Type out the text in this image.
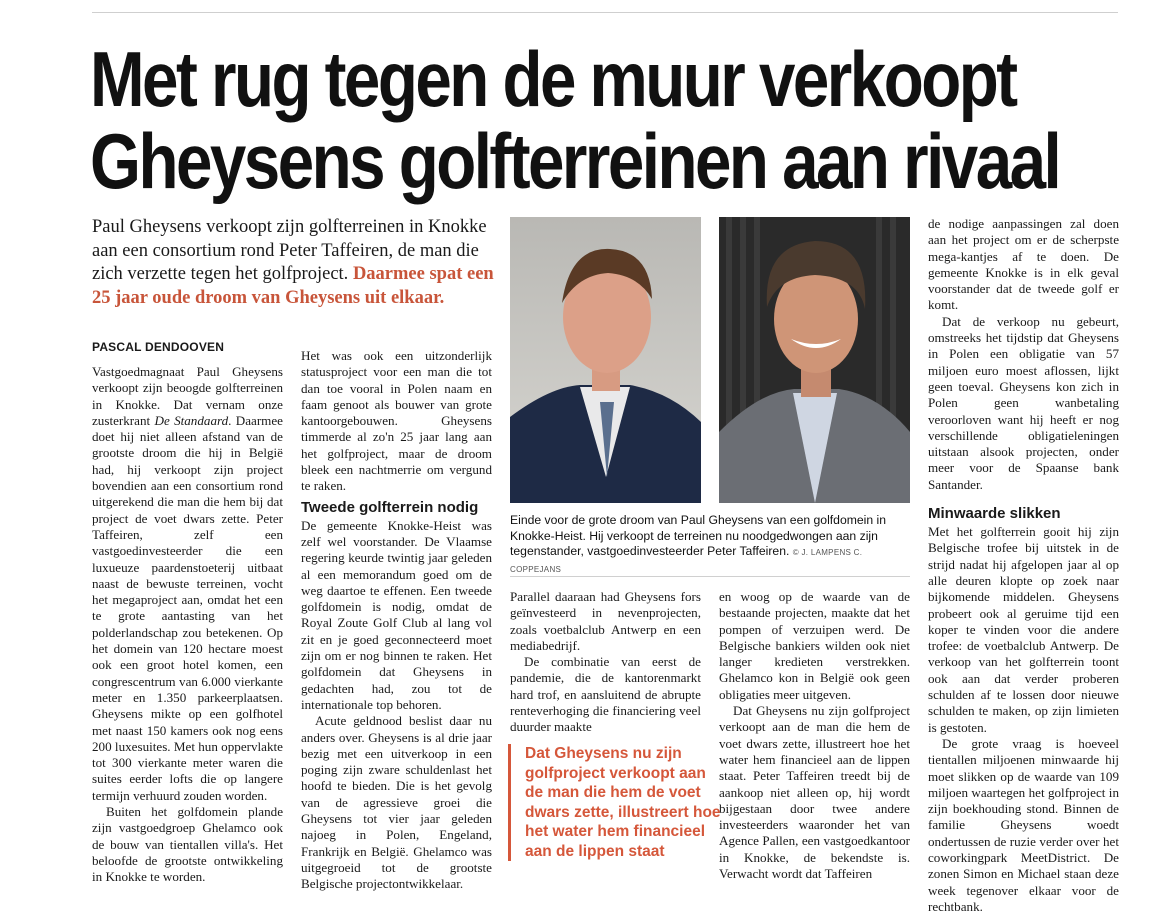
Met rug tegen de muur verkoopt
Gheysens golfterreinen aan rivaal
Paul Gheysens verkoopt zijn golfterreinen in Knokke aan een consortium rond Peter Taffeiren, de man die zich verzette tegen het golfproject. Daarmee spat een 25 jaar oude droom van Gheysens uit elkaar.
PASCAL DENDOOVEN

Vastgoedmagnaat Paul Gheysens verkoopt zijn beoogde golfterreinen in Knokke. Dat vernam onze zusterkrant De Standaard. Daarmee doet hij niet alleen afstand van de grootste droom die hij in België had, hij verkoopt zijn project bovendien aan een consortium rond uitgerekend die man die hem bij dat project de voet dwars zette. Peter Taffeiren, zelf een vastgoedinvesteerder die een luxueuze paardenstoeterij uitbaat naast de bewuste terreinen, vocht het megaproject aan, omdat het een te grote aantasting van het polderlandschap zou betekenen. Op het domein van 120 hectare moest ook een groot hotel komen, een congrescentrum van 6.000 vierkante meter en 1.350 parkeerplaatsen. Gheysens mikte op een golfhotel met naast 150 kamers ook nog eens 200 luxesuites. Met hun oppervlakte tot 300 vierkante meter waren die suites eerder lofts die op langere termijn verhuurd zouden worden.

Buiten het golfdomein plande zijn vastgoedgroep Ghelamco ook de bouw van tientallen villa's. Het beloofde de grootste ontwikkeling in Knokke te worden.

Het was ook een uitzonderlijk statusproject voor een man die tot dan toe vooral in Polen naam en faam genoot als bouwer van grote kantoorgebouwen. Gheysens timmerde al zo'n 25 jaar lang aan het golfproject, maar de droom bleek een nachtmerrie om vergund te raken.

Tweede golfterrein nodig

De gemeente Knokke-Heist was zelf wel voorstander. De Vlaamse regering keurde twintig jaar geleden al een memorandum goed om de weg daartoe te effenen. Een tweede golfdomein is nodig, omdat de Royal Zoute Golf Club al lang vol zit en je goed geconnecteerd moet zijn om er nog binnen te raken. Het golfdomein dat Gheysens in gedachten had, zou tot de internationale top behoren.

Acute geldnood beslist daar nu anders over. Gheysens is al drie jaar bezig met een uitverkoop in een poging zijn zware schuldenlast het hoofd te bieden. Die is het gevolg van de agressieve groei die Gheysens tot vier jaar geleden najoeg in Polen, Engeland, Frankrijk en België. Ghelamco was uitgegroeid tot de grootste Belgische projectontwikkelaar.

Einde voor de grote droom van Paul Gheysens van een golfdomein in Knokke-Heist. Hij verkoopt de terreinen nu noodgedwongen aan zijn tegenstander, vastgoedinvesteerder Peter Taffeiren. © J. LAMPENS C. COPPEJANS

Parallel daaraan had Gheysens fors geïnvesteerd in nevenprojecten, zoals voetbalclub Antwerp en een mediabedrijf.

De combinatie van eerst de pandemie, die de kantorenmarkt hard trof, en aansluitend de abrupte renteverhoging die financiering veel duurder maakte

Dat Gheysens nu zijn golfproject verkoopt aan de man die hem de voet dwars zette, illustreert hoe het water hem financieel aan de lippen staat

en woog op de waarde van de bestaande projecten, maakte dat het pompen of verzuipen werd. De Belgische bankiers wilden ook niet langer kredieten verstrekken. Ghelamco kon in België ook geen obligaties meer uitgeven.

Dat Gheysens nu zijn golfproject verkoopt aan de man die hem de voet dwars zette, illustreert hoe het water hem financieel aan de lippen staat. Peter Taffeiren treedt bij de aankoop niet alleen op, hij wordt bijgestaan door twee andere investeerders waaronder het van Agence Pallen, een vastgoedkantoor in Knokke, de bekendste is. Verwacht wordt dat Taffeiren

de nodige aanpassingen zal doen aan het project om er de scherpste mega-kantjes af te doen. De gemeente Knokke is in elk geval voorstander dat de tweede golf er komt.

Dat de verkoop nu gebeurt, omstreeks het tijdstip dat Gheysens in Polen een obligatie van 57 miljoen euro moest aflossen, lijkt geen toeval. Gheysens kon zich in Polen geen wanbetaling veroorloven want hij heeft er nog verschillende obligatieleningen uitstaan alsook projecten, onder meer voor de Spaanse bank Santander.

Minwaarde slikken

Met het golfterrein gooit hij zijn Belgische trofee bij uitstek in de strijd nadat hij afgelopen jaar al op alle deuren klopte op zoek naar bijkomende middelen. Gheysens probeert ook al geruime tijd een koper te vinden voor die andere trofee: de voetbalclub Antwerp. De verkoop van het golfterrein toont ook aan dat verder proberen schulden af te lossen door nieuwe schulden te maken, op zijn limieten is gestoten.

De grote vraag is hoeveel tientallen miljoenen minwaarde hij moet slikken op de waarde van 109 miljoen waartegen het golfproject in zijn boekhouding stond. Binnen de familie Gheysens woedt ondertussen de ruzie verder over het coworkingpark MeetDistrict. De zonen Simon en Michael staan deze week tegenover elkaar voor de rechtbank.
